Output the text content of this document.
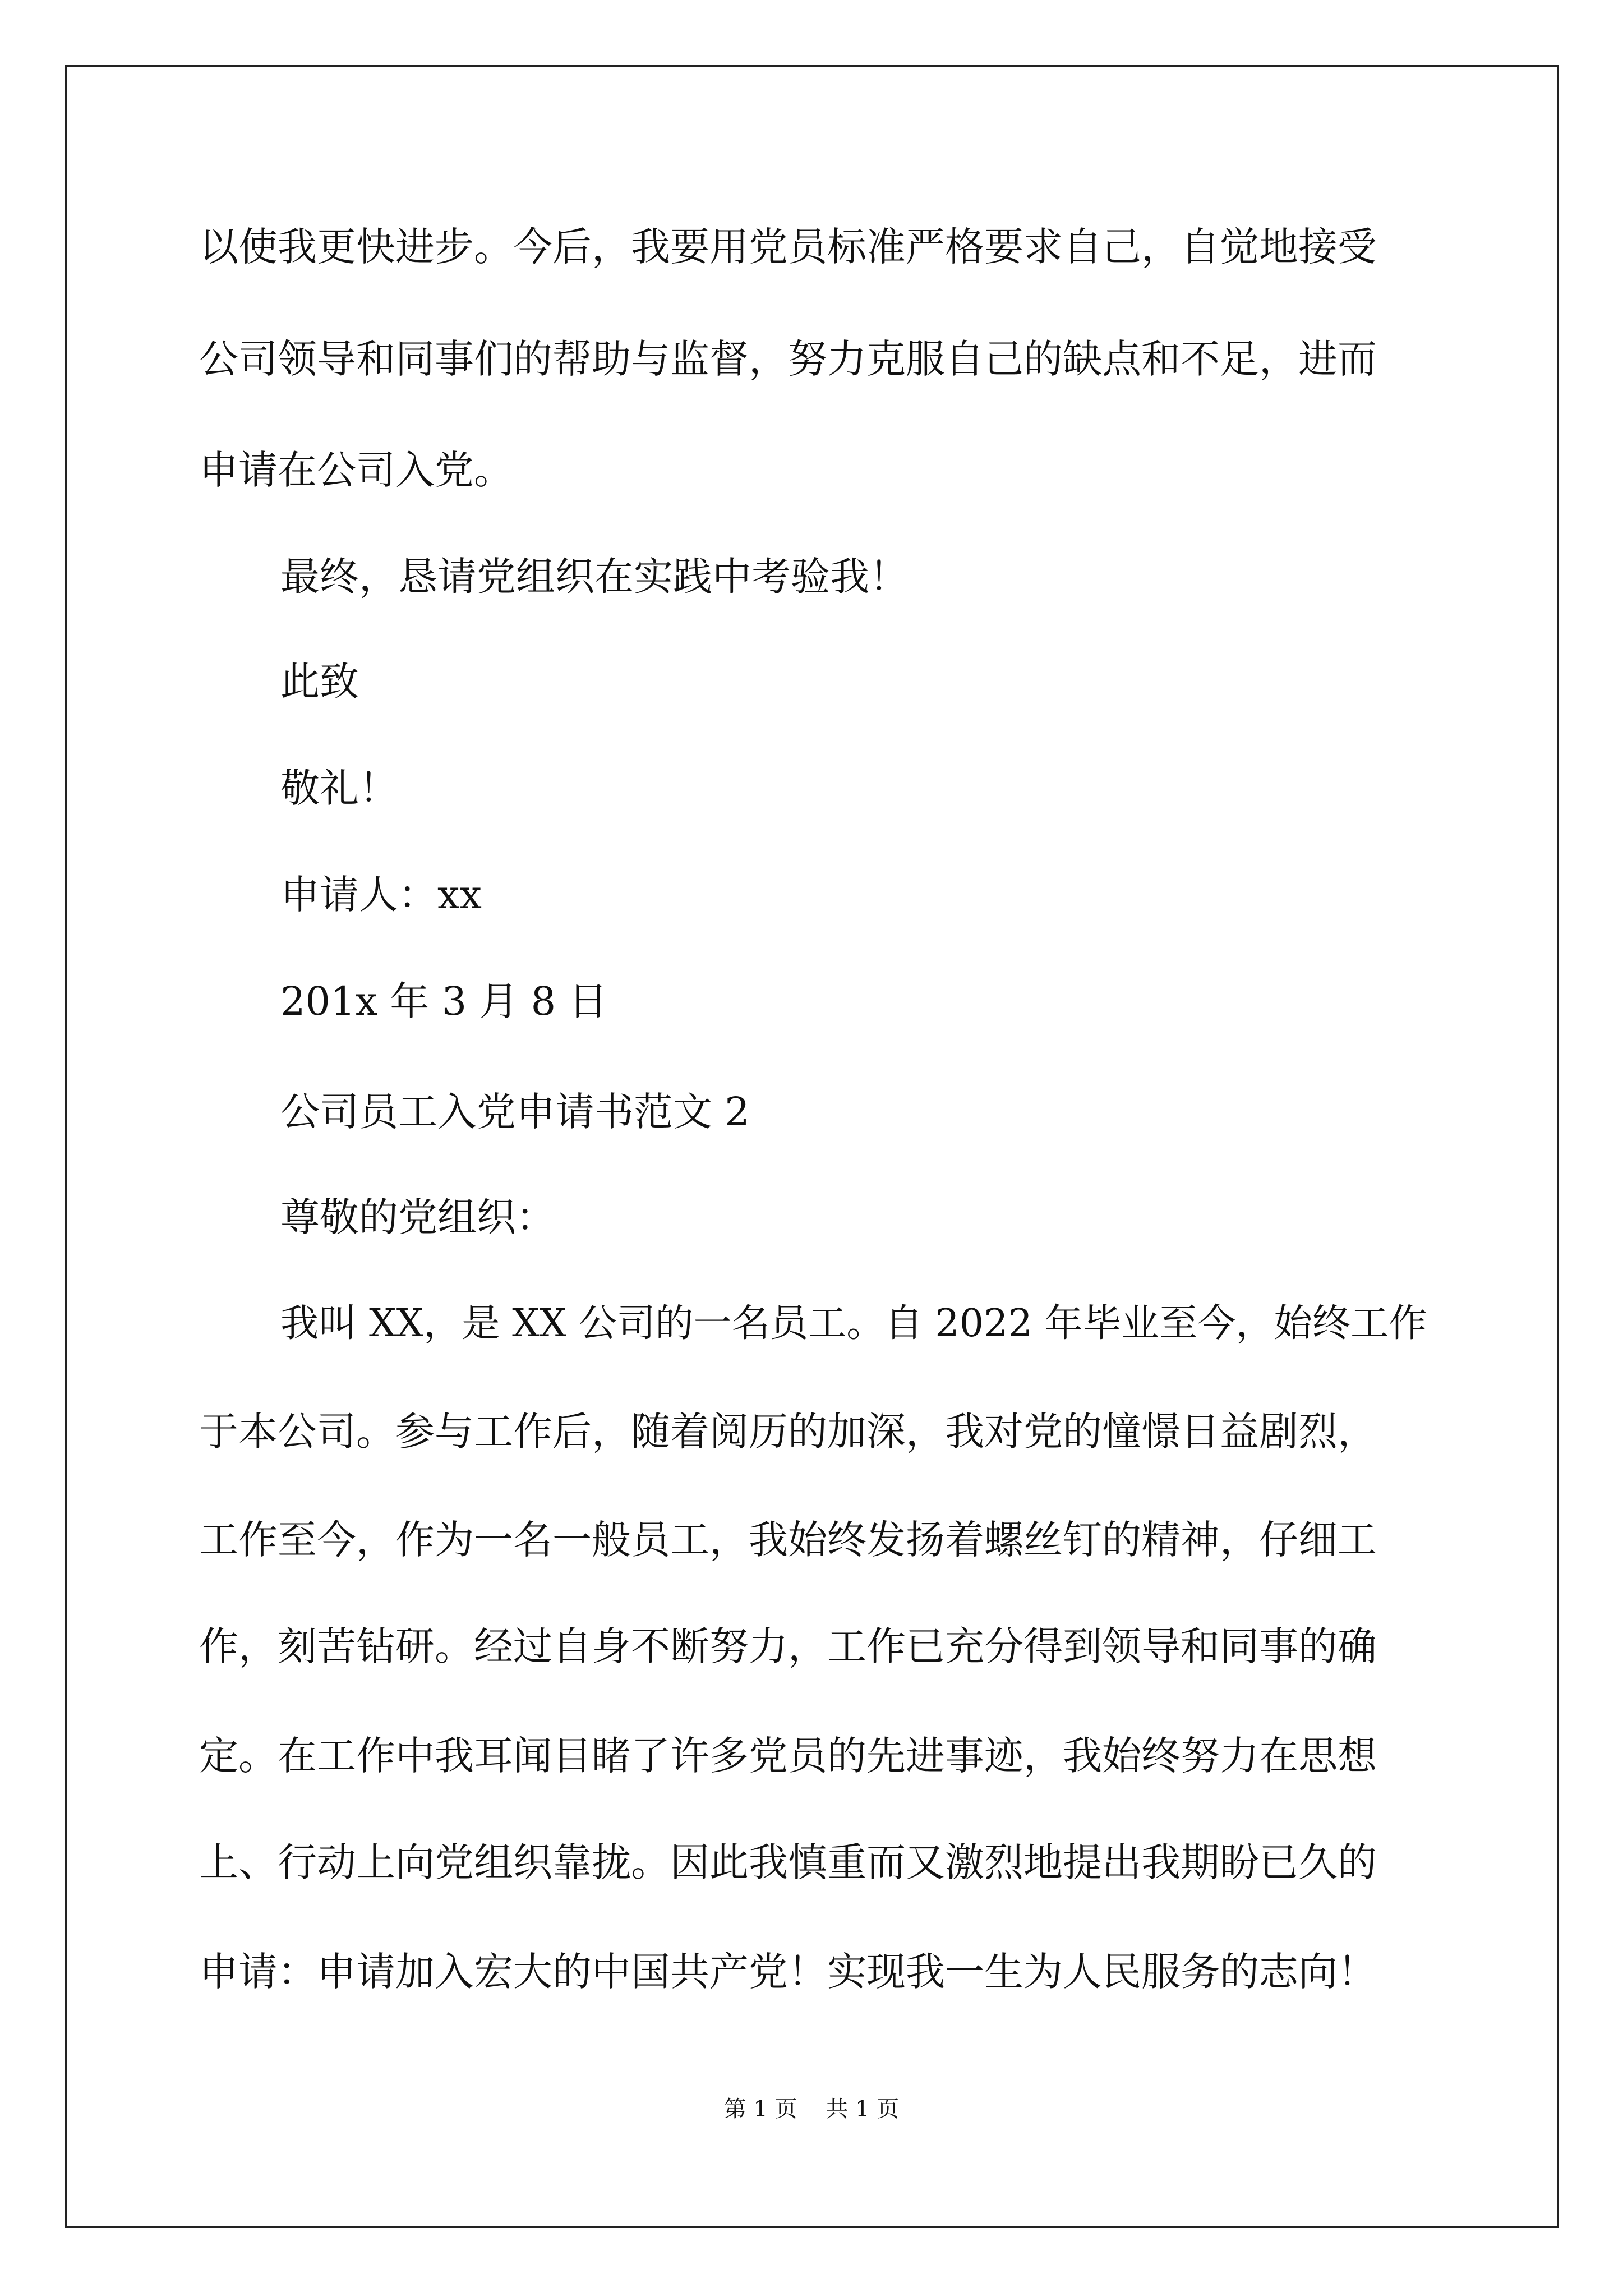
以使我更快进步。今后，我要用党员标准严格要求自己，自觉地接受

公司领导和同事们的帮助与监督，努力克服自己的缺点和不足，进而

申请在公司入党。

最终，恳请党组织在实践中考验我！

此致

敬礼！

申请人：xx

201x 年 3 月 8 日

公司员工入党申请书范文 2

尊敬的党组织：

我叫 XX，是 XX 公司的一名员工。自 2022 年毕业至今，始终工作

于本公司。参与工作后，随着阅历的加深，我对党的憧憬日益剧烈，

工作至今，作为一名一般员工，我始终发扬着螺丝钉的精神，仔细工

作，刻苦钻研。经过自身不断努力，工作已充分得到领导和同事的确

定。在工作中我耳闻目睹了许多党员的先进事迹，我始终努力在思想

上、行动上向党组织靠拢。因此我慎重而又激烈地提出我期盼已久的

申请：申请加入宏大的中国共产党！实现我一生为人民服务的志向！

第 1 页    共 1 页
